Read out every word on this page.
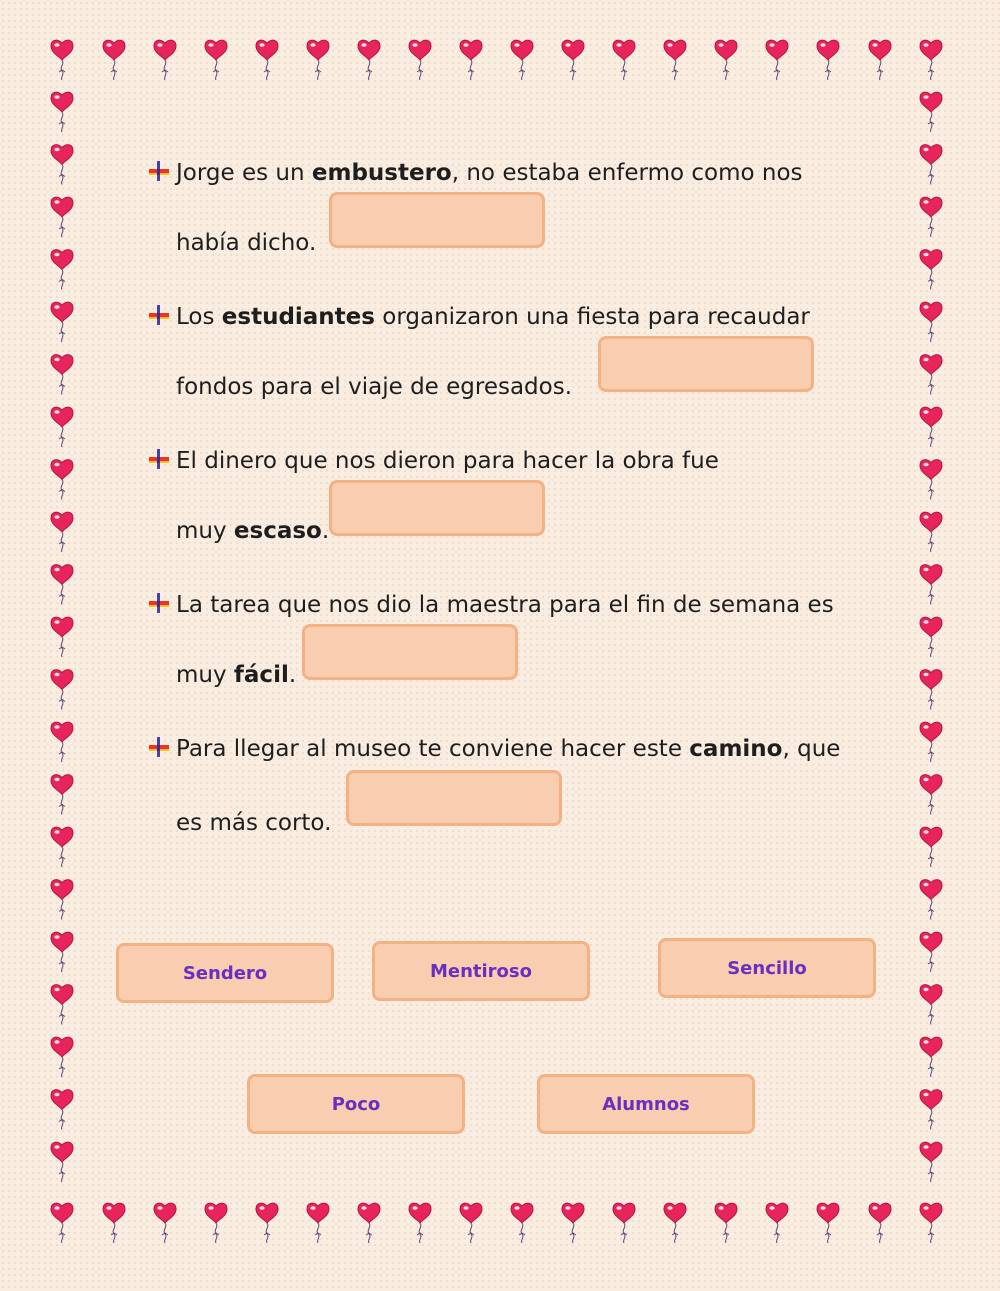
Jorge es un embustero, no estaba enfermo como nos
había dicho.
Los estudiantes organizaron una fiesta para recaudar
fondos para el viaje de egresados.
El dinero que nos dieron para hacer la obra fue
muy escaso.
La tarea que nos dio la maestra para el fin de semana es
muy fácil.
Para llegar al museo te conviene hacer este camino, que
es más corto.
Sendero	Mentiroso	Sencillo
Poco	Alumnos
